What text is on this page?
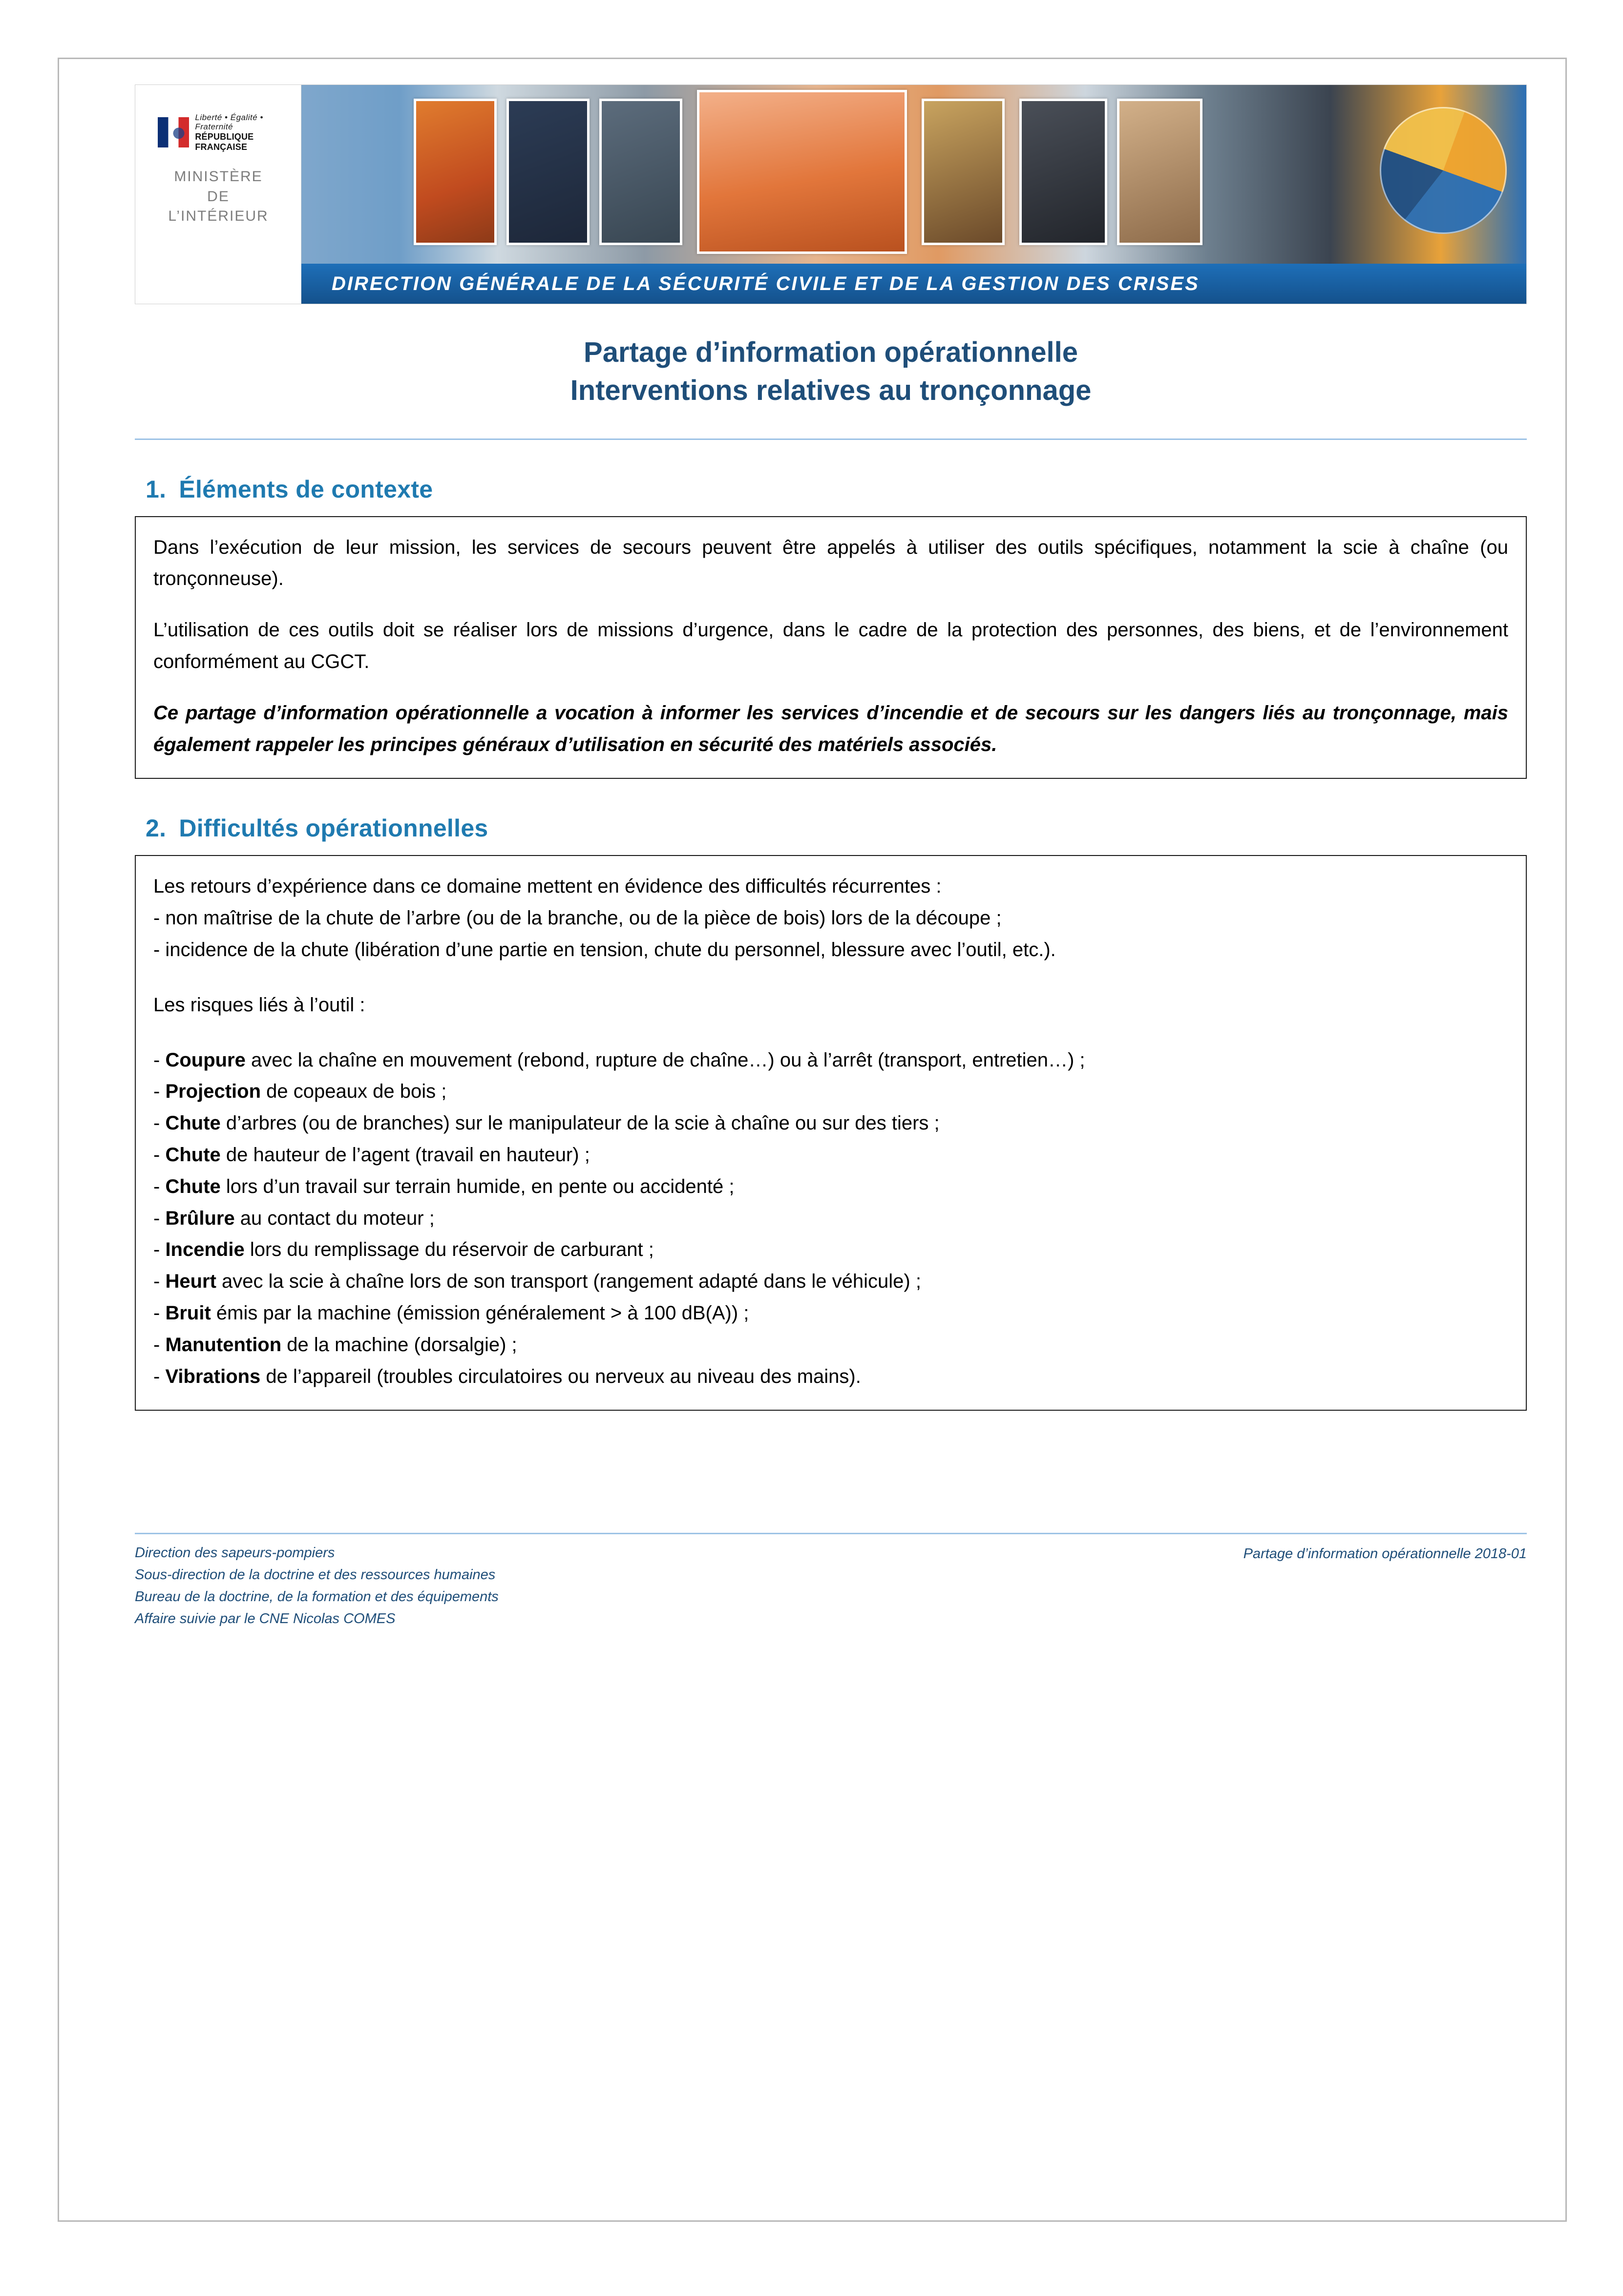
Liberté • Égalité • Fraternité
RÉPUBLIQUE FRANÇAISE
MINISTÈRE
DE
L’INTÉRIEUR
DIRECTION GÉNÉRALE DE LA SÉCURITÉ CIVILE ET DE LA GESTION DES CRISES
Partage d’information opérationnelle
Interventions relatives au tronçonnage
1. Éléments de contexte

Dans l’exécution de leur mission, les services de secours peuvent être appelés à utiliser des outils spécifiques, notamment la scie à chaîne (ou tronçonneuse).

L’utilisation de ces outils doit se réaliser lors de missions d’urgence, dans le cadre de la protection des personnes, des biens, et de l’environnement conformément au CGCT.

Ce partage d’information opérationnelle a vocation à informer les services d’incendie et de secours sur les dangers liés au tronçonnage, mais également rappeler les principes généraux d’utilisation en sécurité des matériels associés.

2. Difficultés opérationnelles
Les retours d’expérience dans ce domaine mettent en évidence des difficultés récurrentes :
- non maîtrise de la chute de l’arbre (ou de la branche, ou de la pièce de bois) lors de la découpe ;
- incidence de la chute (libération d’une partie en tension, chute du personnel, blessure avec l’outil, etc.).
Les risques liés à l’outil :
- Coupure avec la chaîne en mouvement (rebond, rupture de chaîne…) ou à l’arrêt (transport, entretien…) ;
- Projection de copeaux de bois ;
- Chute d’arbres (ou de branches) sur le manipulateur de la scie à chaîne ou sur des tiers ;
- Chute de hauteur de l’agent (travail en hauteur) ;
- Chute lors d’un travail sur terrain humide, en pente ou accidenté ;
- Brûlure au contact du moteur ;
- Incendie lors du remplissage du réservoir de carburant ;
- Heurt avec la scie à chaîne lors de son transport (rangement adapté dans le véhicule) ;
- Bruit émis par la machine (émission généralement > à 100 dB(A)) ;
- Manutention de la machine (dorsalgie) ;
- Vibrations de l’appareil (troubles circulatoires ou nerveux au niveau des mains).
Direction des sapeurs-pompiers
Sous-direction de la doctrine et des ressources humaines
Bureau de la doctrine, de la formation et des équipements
Affaire suivie par le CNE Nicolas COMES
Partage d’information opérationnelle 2018-01
